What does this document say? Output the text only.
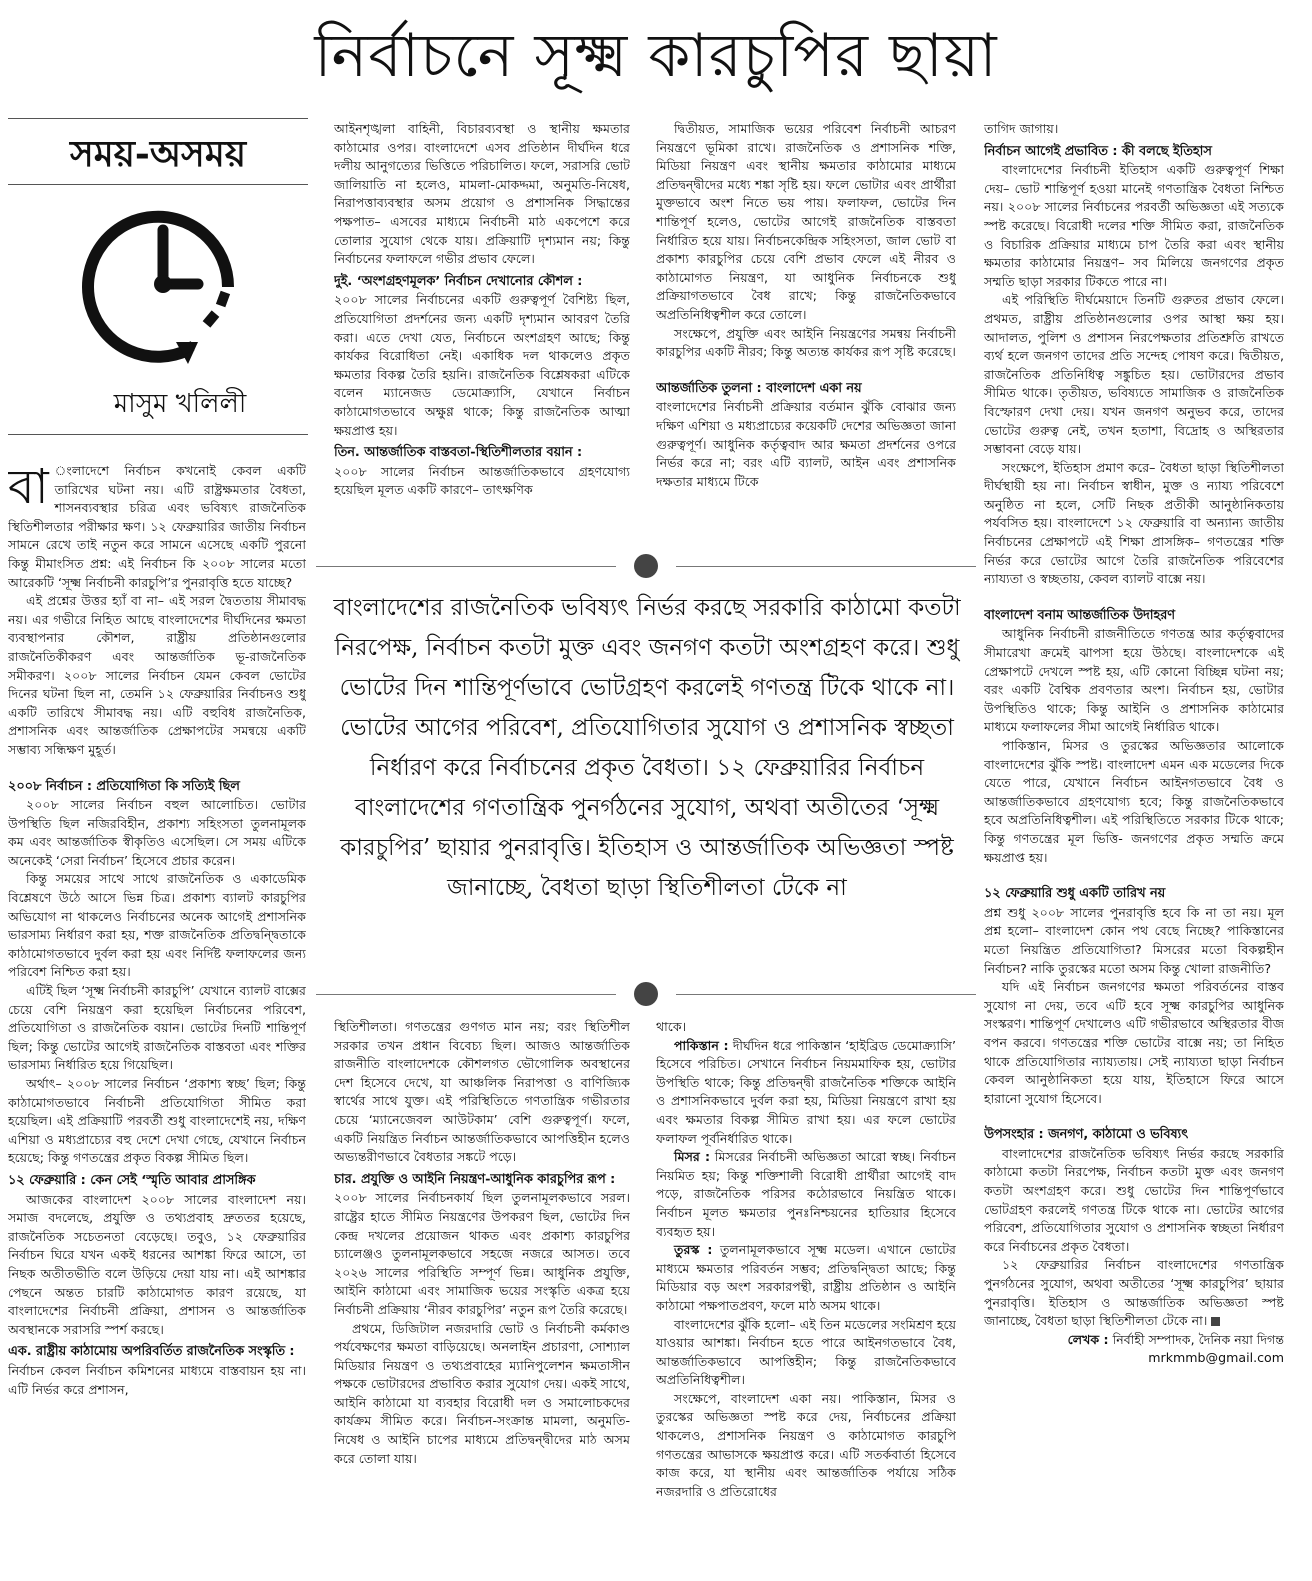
নির্বাচনে সূক্ষ্ম কারচুপির ছায়া
সময়-অসময়
মাসুম খলিলী

বা ংলাদেশে নির্বাচন কখনোই কেবল একটি তারিখের ঘটনা নয়। এটি রাষ্ট্রক্ষমতার বৈধতা, শাসনব্যবস্থার চরিত্র এবং ভবিষ্যৎ রাজনৈতিক স্থিতিশীলতার পরীক্ষার ক্ষণ। ১২ ফেব্রুয়ারির জাতীয় নির্বাচন সামনে রেখে তাই নতুন করে সামনে এসেছে একটি পুরনো কিন্তু মীমাংসিত প্রশ্ন: এই নির্বাচন কি ২০০৮ সালের মতো আরেকটি ‘সূক্ষ্ম নির্বাচনী কারচুপি’র পুনরাবৃত্তি হতে যাচ্ছে?

এই প্রশ্নের উত্তর হ্যাঁ বা না– এই সরল দ্বৈততায় সীমাবদ্ধ নয়। এর গভীরে নিহিত আছে বাংলাদেশের দীর্ঘদিনের ক্ষমতা ব্যবস্থাপনার কৌশল, রাষ্ট্রীয় প্রতিষ্ঠানগুলোর রাজনৈতিকীকরণ এবং আন্তর্জাতিক ভূ-রাজনৈতিক সমীকরণ। ২০০৮ সালের নির্বাচন যেমন কেবল ভোটের দিনের ঘটনা ছিল না, তেমনি ১২ ফেব্রুয়ারির নির্বাচনও শুধু একটি তারিখে সীমাবদ্ধ নয়। এটি বহুবিধ রাজনৈতিক, প্রশাসনিক এবং আন্তর্জাতিক প্রেক্ষাপটের সমন্বয়ে একটি সম্ভাব্য সন্ধিক্ষণ মুহূর্ত।

২০০৮ নির্বাচন : প্রতিযোগিতা কি সত্যিই ছিল

২০০৮ সালের নির্বাচন বহুল আলোচিত। ভোটার উপস্থিতি ছিল নজিরবিহীন, প্রকাশ্য সহিংসতা তুলনামূলক কম এবং আন্তর্জাতিক স্বীকৃতিও এসেছিল। সে সময় এটিকে অনেকেই ‘সেরা নির্বাচন’ হিসেবে প্রচার করেন।

কিন্তু সময়ের সাথে সাথে রাজনৈতিক ও একাডেমিক বিশ্লেষণে উঠে আসে ভিন্ন চিত্র। প্রকাশ্য ব্যালট কারচুপির অভিযোগ না থাকলেও নির্বাচনের অনেক আগেই প্রশাসনিক ভারসাম্য নির্ধারণ করা হয়, শক্ত রাজনৈতিক প্রতিদ্বন্দ্বিতাকে কাঠামোগতভাবে দুর্বল করা হয় এবং নির্দিষ্ট ফলাফলের জন্য পরিবেশ নিশ্চিত করা হয়।

এটিই ছিল ‘সূক্ষ্ম নির্বাচনী কারচুপি’ যেখানে ব্যালট বাক্সের চেয়ে বেশি নিয়ন্ত্রণ করা হয়েছিল নির্বাচনের পরিবেশ, প্রতিযোগিতা ও রাজনৈতিক বয়ান। ভোটের দিনটি শান্তিপূর্ণ ছিল; কিন্তু ভোটের আগেই রাজনৈতিক বাস্তবতা এবং শক্তির ভারসাম্য নির্ধারিত হয়ে গিয়েছিল।

অর্থাৎ– ২০০৮ সালের নির্বাচন ‘প্রকাশ্য স্বচ্ছ’ ছিল; কিন্তু কাঠামোগতভাবে নির্বাচনী প্রতিযোগিতা সীমিত করা হয়েছিল। এই প্রক্রিয়াটি পরবর্তী শুধু বাংলাদেশেই নয়, দক্ষিণ এশিয়া ও মধ্যপ্রাচ্যের বহু দেশে দেখা গেছে, যেখানে নির্বাচন হয়েছে; কিন্তু গণতন্ত্রের প্রকৃত বিকল্প সীমিত ছিল।

১২ ফেব্রুয়ারি : কেন সেই ‘স্মৃতি আবার প্রাসঙ্গিক

আজকের বাংলাদেশ ২০০৮ সালের বাংলাদেশ নয়। সমাজ বদলেছে, প্রযুক্তি ও তথ্যপ্রবাহ দ্রুততর হয়েছে, রাজনৈতিক সচেতনতা বেড়েছে। তবুও, ১২ ফেব্রুয়ারির নির্বাচন ঘিরে যখন একই ধরনের আশঙ্কা ফিরে আসে, তা নিছক অতীতভীতি বলে উড়িয়ে দেয়া যায় না। এই আশঙ্কার পেছনে অন্তত চারটি কাঠামোগত কারণ রয়েছে, যা বাংলাদেশের নির্বাচনী প্রক্রিয়া, প্রশাসন ও আন্তর্জাতিক অবস্থানকে সরাসরি স্পর্শ করছে।

এক. রাষ্ট্রীয় কাঠামোয় অপরিবর্তিত রাজনৈতিক সংস্কৃতি :

নির্বাচন কেবল নির্বাচন কমিশনের মাধ্যমে বাস্তবায়ন হয় না। এটি নির্ভর করে প্রশাসন,

আইনশৃঙ্খলা বাহিনী, বিচারব্যবস্থা ও স্থানীয় ক্ষমতার কাঠামোর ওপর। বাংলাদেশে এসব প্রতিষ্ঠান দীর্ঘদিন ধরে দলীয় আনুগত্যের ভিত্তিতে পরিচালিত। ফলে, সরাসরি ভোট জালিয়াতি না হলেও, মামলা-মোকদ্দমা, অনুমতি-নিষেধ, নিরাপত্তাব্যবস্থার অসম প্রয়োগ ও প্রশাসনিক সিদ্ধান্তের পক্ষপাত– এসবের মাধ্যমে নির্বাচনী মাঠ একপেশে করে তোলার সুযোগ থেকে যায়। প্রক্রিয়াটি দৃশ্যমান নয়; কিন্তু নির্বাচনের ফলাফলে গভীর প্রভাব ফেলে।

দুই. ‘অংশগ্রহণমূলক’ নির্বাচন দেখানোর কৌশল :

২০০৮ সালের নির্বাচনের একটি গুরুত্বপূর্ণ বৈশিষ্ট্য ছিল, প্রতিযোগিতা প্রদর্শনের জন্য একটি দৃশ্যমান আবরণ তৈরি করা। এতে দেখা যেত, নির্বাচনে অংশগ্রহণ আছে; কিন্তু কার্যকর বিরোধিতা নেই। একাধিক দল থাকলেও প্রকৃত ক্ষমতার বিকল্প তৈরি হয়নি। রাজনৈতিক বিশ্লেষকরা এটিকে বলেন ম্যানেজড ডেমোক্র্যাসি, যেখানে নির্বাচন কাঠামোগতভাবে অক্ষুণ্ণ থাকে; কিন্তু রাজনৈতিক আত্মা ক্ষয়প্রাপ্ত হয়।

তিন. আন্তর্জাতিক বাস্তবতা-স্থিতিশীলতার বয়ান :

২০০৮ সালের নির্বাচন আন্তর্জাতিকভাবে গ্রহণযোগ্য হয়েছিল মূলত একটি কারণে– তাৎক্ষণিক

দ্বিতীয়ত, সামাজিক ভয়ের পরিবেশ নির্বাচনী আচরণ নিয়ন্ত্রণে ভূমিকা রাখে। রাজনৈতিক ও প্রশাসনিক শক্তি, মিডিয়া নিয়ন্ত্রণ এবং স্থানীয় ক্ষমতার কাঠামোর মাধ্যমে প্রতিদ্বন্দ্বীদের মধ্যে শঙ্কা সৃষ্টি হয়। ফলে ভোটার এবং প্রার্থীরা মুক্তভাবে অংশ নিতে ভয় পায়। ফলাফল, ভোটের দিন শান্তিপূর্ণ হলেও, ভোটের আগেই রাজনৈতিক বাস্তবতা নির্ধারিত হয়ে যায়। নির্বাচনকেন্দ্রিক সহিংসতা, জাল ভোট বা প্রকাশ্য কারচুপির চেয়ে বেশি প্রভাব ফেলে এই নীরব ও কাঠামোগত নিয়ন্ত্রণ, যা আধুনিক নির্বাচনকে শুধু প্রক্রিয়াগতভাবে বৈধ রাখে; কিন্তু রাজনৈতিকভাবে অপ্রতিনিধিত্বশীল করে তোলে।

সংক্ষেপে, প্রযুক্তি এবং আইনি নিয়ন্ত্রণের সমন্বয় নির্বাচনী কারচুপির একটি নীরব; কিন্তু অত্যন্ত কার্যকর রূপ সৃষ্টি করেছে।

আন্তর্জাতিক তুলনা : বাংলাদেশ একা নয়

বাংলাদেশের নির্বাচনী প্রক্রিয়ার বর্তমান ঝুঁকি বোঝার জন্য দক্ষিণ এশিয়া ও মধ্যপ্রাচ্যের কয়েকটি দেশের অভিজ্ঞতা জানা গুরুত্বপূর্ণ। আধুনিক কর্তৃত্ববাদ আর ক্ষমতা প্রদর্শনের ওপরে নির্ভর করে না; বরং এটি ব্যালট, আইন এবং প্রশাসনিক দক্ষতার মাধ্যমে টিকে

বাংলাদেশের রাজনৈতিক ভবিষ্যৎ নির্ভর করছে সরকারি কাঠামো কতটা নিরপেক্ষ, নির্বাচন কতটা মুক্ত এবং জনগণ কতটা অংশগ্রহণ করে। শুধু ভোটের দিন শান্তিপূর্ণভাবে ভোটগ্রহণ করলেই গণতন্ত্র টিকে থাকে না। ভোটের আগের পরিবেশ, প্রতিযোগিতার সুযোগ ও প্রশাসনিক স্বচ্ছতা নির্ধারণ করে নির্বাচনের প্রকৃত বৈধতা। ১২ ফেব্রুয়ারির নির্বাচন বাংলাদেশের গণতান্ত্রিক পুনর্গঠনের সুযোগ, অথবা অতীতের ‘সূক্ষ্ম কারচুপির’ ছায়ার পুনরাবৃত্তি। ইতিহাস ও আন্তর্জাতিক অভিজ্ঞতা স্পষ্ট জানাচ্ছে, বৈধতা ছাড়া স্থিতিশীলতা টেকে না

স্থিতিশীলতা। গণতন্ত্রের গুণগত মান নয়; বরং স্থিতিশীল সরকার তখন প্রধান বিবেচ্য ছিল। আজও আন্তর্জাতিক রাজনীতি বাংলাদেশকে কৌশলগত ভৌগোলিক অবস্থানের দেশ হিসেবে দেখে, যা আঞ্চলিক নিরাপত্তা ও বাণিজ্যিক স্বার্থের সাথে যুক্ত। এই পরিস্থিতিতে গণতান্ত্রিক গভীরতার চেয়ে ‘ম্যানেজেবল আউটকাম’ বেশি গুরুত্বপূর্ণ। ফলে, একটি নিয়ন্ত্রিত নির্বাচন আন্তর্জাতিকভাবে আপত্তিহীন হলেও অভ্যন্তরীণভাবে বৈধতার সঙ্কটে পড়ে।

চার. প্রযুক্তি ও আইনি নিয়ন্ত্রণ-আধুনিক কারচুপির রূপ :

২০০৮ সালের নির্বাচনকার্য ছিল তুলনামূলকভাবে সরল। রাষ্ট্রের হাতে সীমিত নিয়ন্ত্রণের উপকরণ ছিল, ভোটের দিন কেন্দ্র দখলের প্রয়োজন থাকত এবং প্রকাশ্য কারচুপির চ্যালেঞ্জও তুলনামূলকভাবে সহজে নজরে আসত। তবে ২০২৬ সালের পরিস্থিতি সম্পূর্ণ ভিন্ন। আধুনিক প্রযুক্তি, আইনি কাঠামো এবং সামাজিক ভয়ের সংস্কৃতি একত্র হয়ে নির্বাচনী প্রক্রিয়ায় ‘নীরব কারচুপির’ নতুন রূপ তৈরি করেছে।

প্রথমে, ডিজিটাল নজরদারি ভোট ও নির্বাচনী কর্মকাণ্ড পর্যবেক্ষণের ক্ষমতা বাড়িয়েছে। অনলাইন প্রচারণা, সোশ্যাল মিডিয়ার নিয়ন্ত্রণ ও তথ্যপ্রবাহের ম্যানিপুলেশন ক্ষমতাসীন পক্ষকে ভোটারদের প্রভাবিত করার সুযোগ দেয়। একই সাথে, আইনি কাঠামো যা ব্যবহার বিরোধী দল ও সমালোচকদের কার্যক্রম সীমিত করে। নির্বাচন-সংক্রান্ত মামলা, অনুমতি-নিষেধ ও আইনি চাপের মাধ্যমে প্রতিদ্বন্দ্বীদের মাঠ অসম করে তোলা যায়।

থাকে।

পাকিস্তান : দীর্ঘদিন ধরে পাকিস্তান ‘হাইব্রিড ডেমোক্র্যাসি’ হিসেবে পরিচিত। সেখানে নির্বাচন নিয়মমাফিক হয়, ভোটার উপস্থিতি থাকে; কিন্তু প্রতিদ্বন্দ্বী রাজনৈতিক শক্তিকে আইনি ও প্রশাসনিকভাবে দুর্বল করা হয়, মিডিয়া নিয়ন্ত্রণে রাখা হয় এবং ক্ষমতার বিকল্প সীমিত রাখা হয়। এর ফলে ভোটের ফলাফল পূর্বনির্ধারিত থাকে।

মিসর : মিসরের নির্বাচনী অভিজ্ঞতা আরো স্বচ্ছ। নির্বাচন নিয়মিত হয়; কিন্তু শক্তিশালী বিরোধী প্রার্থীরা আগেই বাদ পড়ে, রাজনৈতিক পরিসর কঠোরভাবে নিয়ন্ত্রিত থাকে। নির্বাচন মূলত ক্ষমতার পুনঃনিশ্চয়নের হাতিয়ার হিসেবে ব্যবহৃত হয়।

তুরস্ক : তুলনামূলকভাবে সূক্ষ্ম মডেল। এখানে ভোটের মাধ্যমে ক্ষমতার পরিবর্তন সম্ভব; প্রতিদ্বন্দ্বিতা আছে; কিন্তু মিডিয়ার বড় অংশ সরকারপন্থী, রাষ্ট্রীয় প্রতিষ্ঠান ও আইনি কাঠামো পক্ষপাতপ্রবণ, ফলে মাঠ অসম থাকে।

বাংলাদেশের ঝুঁকি হলো– এই তিন মডেলের সংমিশ্রণ হয়ে যাওয়ার আশঙ্কা। নির্বাচন হতে পারে আইনগতভাবে বৈধ, আন্তর্জাতিকভাবে আপত্তিহীন; কিন্তু রাজনৈতিকভাবে অপ্রতিনিধিত্বশীল।

সংক্ষেপে, বাংলাদেশ একা নয়। পাকিস্তান, মিসর ও তুরস্কের অভিজ্ঞতা স্পষ্ট করে দেয়, নির্বাচনের প্রক্রিয়া থাকলেও, প্রশাসনিক নিয়ন্ত্রণ ও কাঠামোগত কারচুপি গণতন্ত্রের আভাসকে ক্ষয়প্রাপ্ত করে। এটি সতর্কবার্তা হিসেবে কাজ করে, যা স্থানীয় এবং আন্তর্জাতিক পর্যায়ে সঠিক নজরদারি ও প্রতিরোধের

তাগিদ জাগায়।

নির্বাচন আগেই প্রভাবিত : কী বলছে ইতিহাস

বাংলাদেশের নির্বাচনী ইতিহাস একটি গুরুত্বপূর্ণ শিক্ষা দেয়– ভোট শান্তিপূর্ণ হওয়া মানেই গণতান্ত্রিক বৈধতা নিশ্চিত নয়। ২০০৮ সালের নির্বাচনের পরবর্তী অভিজ্ঞতা এই সত্যকে স্পষ্ট করেছে। বিরোধী দলের শক্তি সীমিত করা, রাজনৈতিক ও বিচারিক প্রক্রিয়ার মাধ্যমে চাপ তৈরি করা এবং স্থানীয় ক্ষমতার কাঠামোর নিয়ন্ত্রণ– সব মিলিয়ে জনগণের প্রকৃত সম্মতি ছাড়া সরকার টিকতে পারে না।

এই পরিস্থিতি দীর্ঘমেয়াদে তিনটি গুরুতর প্রভাব ফেলে। প্রথমত, রাষ্ট্রীয় প্রতিষ্ঠানগুলোর ওপর আস্থা ক্ষয় হয়। আদালত, পুলিশ ও প্রশাসন নিরপেক্ষতার প্রতিশ্রুতি রাখতে ব্যর্থ হলে জনগণ তাদের প্রতি সন্দেহ পোষণ করে। দ্বিতীয়ত, রাজনৈতিক প্রতিনিধিত্ব সঙ্কুচিত হয়। ভোটারদের প্রভাব সীমিত থাকে। তৃতীয়ত, ভবিষ্যতে সামাজিক ও রাজনৈতিক বিস্ফোরণ দেখা দেয়। যখন জনগণ অনুভব করে, তাদের ভোটের গুরুত্ব নেই, তখন হতাশা, বিদ্রোহ ও অস্থিরতার সম্ভাবনা বেড়ে যায়।

সংক্ষেপে, ইতিহাস প্রমাণ করে– বৈধতা ছাড়া স্থিতিশীলতা দীর্ঘস্থায়ী হয় না। নির্বাচন স্বাধীন, মুক্ত ও ন্যায্য পরিবেশে অনুষ্ঠিত না হলে, সেটি নিছক প্রতীকী আনুষ্ঠানিকতায় পর্যবসিত হয়। বাংলাদেশে ১২ ফেব্রুয়ারি বা অন্যান্য জাতীয় নির্বাচনের প্রেক্ষাপটে এই শিক্ষা প্রাসঙ্গিক– গণতন্ত্রের শক্তি নির্ভর করে ভোটের আগে তৈরি রাজনৈতিক পরিবেশের ন্যায্যতা ও স্বচ্ছতায়, কেবল ব্যালট বাক্সে নয়।

বাংলাদেশ বনাম আন্তর্জাতিক উদাহরণ

আধুনিক নির্বাচনী রাজনীতিতে গণতন্ত্র আর কর্তৃত্ববাদের সীমারেখা ক্রমেই ঝাপসা হয়ে উঠছে। বাংলাদেশকে এই প্রেক্ষাপটে দেখলে স্পষ্ট হয়, এটি কোনো বিচ্ছিন্ন ঘটনা নয়; বরং একটি বৈশ্বিক প্রবণতার অংশ। নির্বাচন হয়, ভোটার উপস্থিতিও থাকে; কিন্তু আইনি ও প্রশাসনিক কাঠামোর মাধ্যমে ফলাফলের সীমা আগেই নির্ধারিত থাকে।

পাকিস্তান, মিসর ও তুরস্কের অভিজ্ঞতার আলোকে বাংলাদেশের ঝুঁকি স্পষ্ট। বাংলাদেশ এমন এক মডেলের দিকে যেতে পারে, যেখানে নির্বাচন আইনগতভাবে বৈধ ও আন্তর্জাতিকভাবে গ্রহণযোগ্য হবে; কিন্তু রাজনৈতিকভাবে হবে অপ্রতিনিধিত্বশীল। এই পরিস্থিতিতে সরকার টিকে থাকে; কিন্তু গণতন্ত্রের মূল ভিত্তি- জনগণের প্রকৃত সম্মতি ক্রমে ক্ষয়প্রাপ্ত হয়।

১২ ফেব্রুয়ারি শুধু একটি তারিখ নয়

প্রশ্ন শুধু ২০০৮ সালের পুনরাবৃত্তি হবে কি না তা নয়। মূল প্রশ্ন হলো– বাংলাদেশ কোন পথ বেছে নিচ্ছে? পাকিস্তানের মতো নিয়ন্ত্রিত প্রতিযোগিতা? মিসরের মতো বিকল্পহীন নির্বাচন? নাকি তুরস্কের মতো অসম কিন্তু খোলা রাজনীতি?

যদি এই নির্বাচন জনগণের ক্ষমতা পরিবর্তনের বাস্তব সুযোগ না দেয়, তবে এটি হবে সূক্ষ্ম কারচুপির আধুনিক সংস্করণ। শান্তিপূর্ণ দেখালেও এটি গভীরভাবে অস্থিরতার বীজ বপন করবে। গণতন্ত্রের শক্তি ভোটের বাক্সে নয়; তা নিহিত থাকে প্রতিযোগিতার ন্যায্যতায়। সেই ন্যায্যতা ছাড়া নির্বাচন কেবল আনুষ্ঠানিকতা হয়ে যায়, ইতিহাসে ফিরে আসে হারানো সুযোগ হিসেবে।

উপসংহার : জনগণ, কাঠামো ও ভবিষ্যৎ

বাংলাদেশের রাজনৈতিক ভবিষ্যৎ নির্ভর করছে সরকারি কাঠামো কতটা নিরপেক্ষ, নির্বাচন কতটা মুক্ত এবং জনগণ কতটা অংশগ্রহণ করে। শুধু ভোটের দিন শান্তিপূর্ণভাবে ভোটগ্রহণ করলেই গণতন্ত্র টিকে থাকে না। ভোটের আগের পরিবেশ, প্রতিযোগিতার সুযোগ ও প্রশাসনিক স্বচ্ছতা নির্ধারণ করে নির্বাচনের প্রকৃত বৈধতা।

১২ ফেব্রুয়ারির নির্বাচন বাংলাদেশের গণতান্ত্রিক পুনর্গঠনের সুযোগ, অথবা অতীতের ‘সূক্ষ্ম কারচুপির’ ছায়ার পুনরাবৃত্তি। ইতিহাস ও আন্তর্জাতিক অভিজ্ঞতা স্পষ্ট জানাচ্ছে, বৈধতা ছাড়া স্থিতিশীলতা টেকে না।

লেখক : নির্বাহী সম্পাদক, দৈনিক নয়া দিগন্ত

mrkmmb@gmail.com
